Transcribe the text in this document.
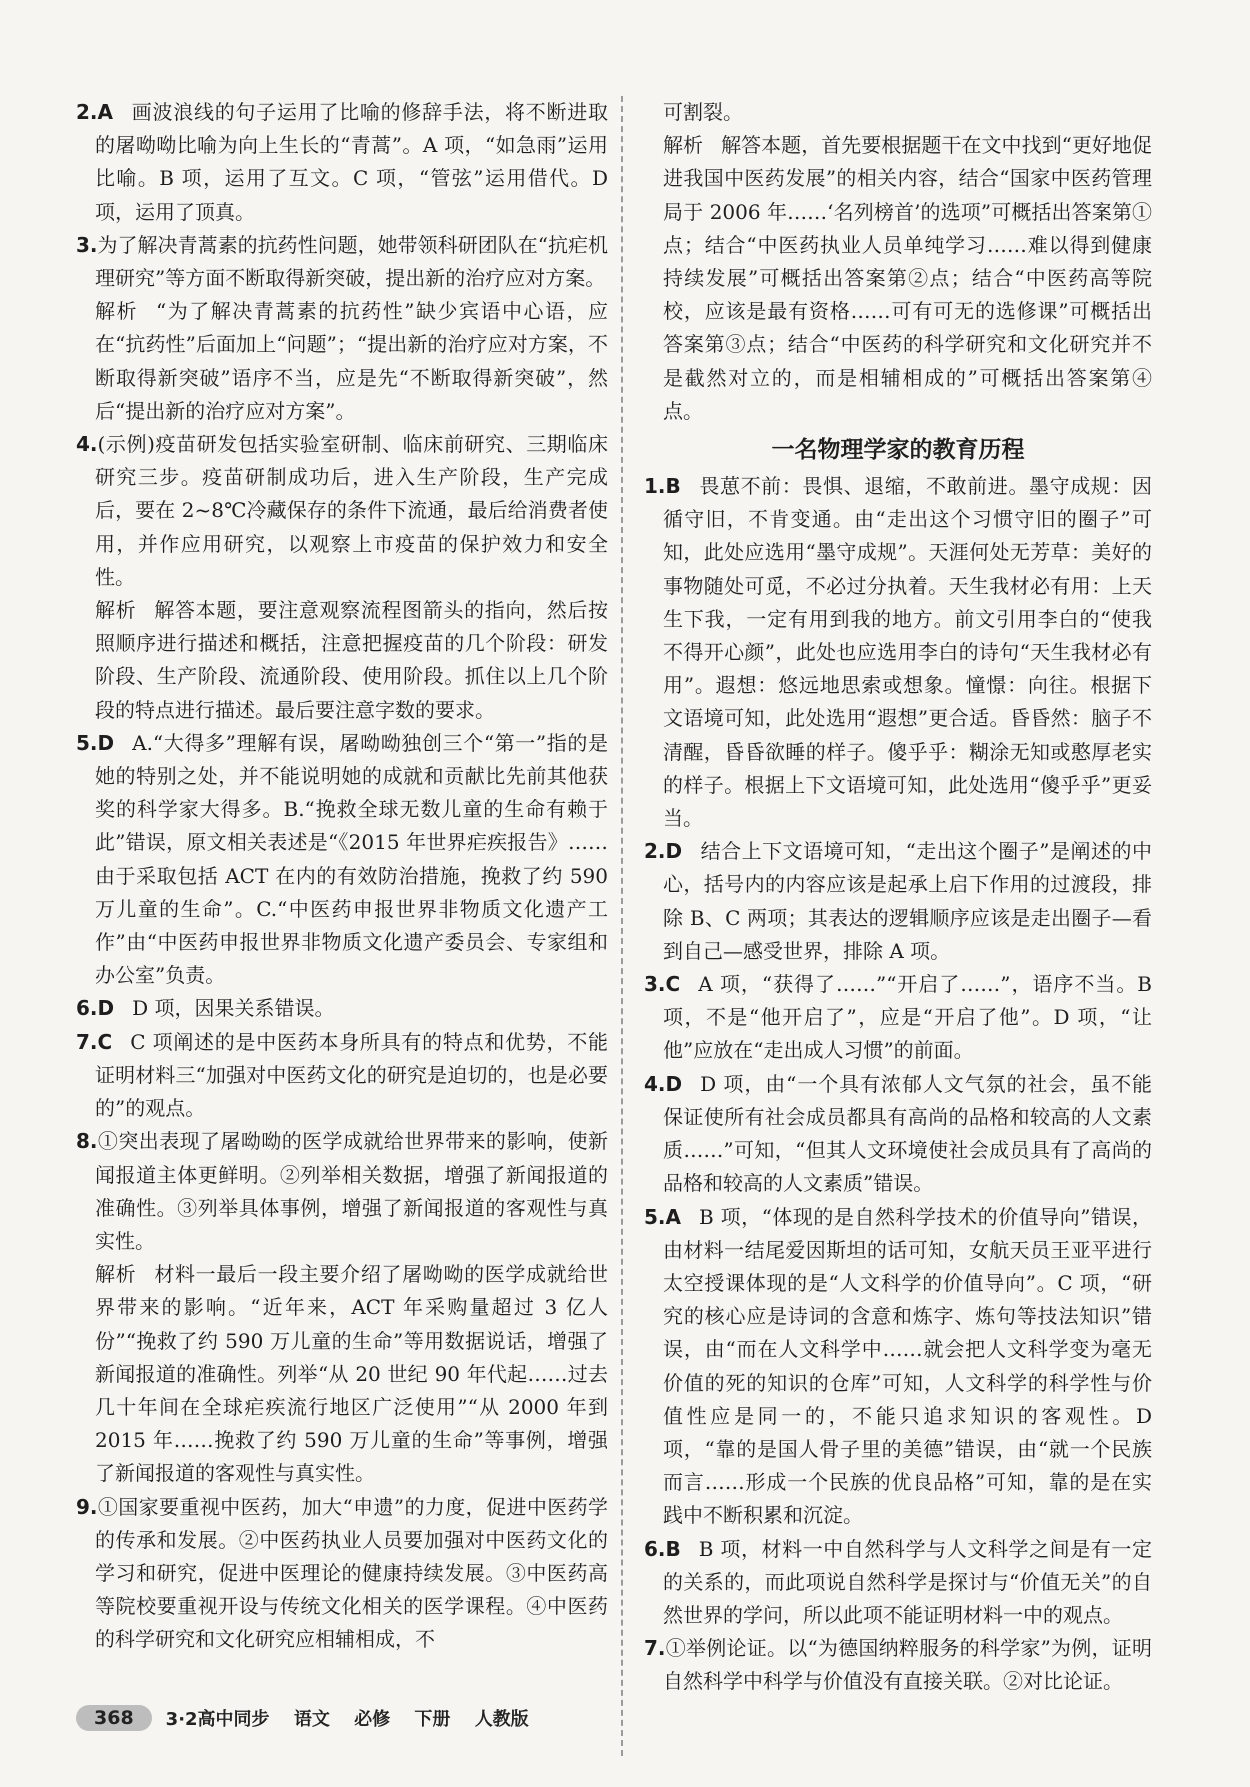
2.A 画波浪线的句子运用了比喻的修辞手法，将不断进取的屠呦呦比喻为向上生长的“青蒿”。A 项，“如急雨”运用比喻。B 项，运用了互文。C 项，“管弦”运用借代。D 项，运用了顶真。

3.为了解决青蒿素的抗药性问题，她带领科研团队在“抗疟机理研究”等方面不断取得新突破，提出新的治疗应对方案。

解析 “为了解决青蒿素的抗药性”缺少宾语中心语，应在“抗药性”后面加上“问题”；“提出新的治疗应对方案，不断取得新突破”语序不当，应是先“不断取得新突破”，然后“提出新的治疗应对方案”。

4.(示例)疫苗研发包括实验室研制、临床前研究、三期临床研究三步。疫苗研制成功后，进入生产阶段，生产完成后，要在 2~8℃冷藏保存的条件下流通，最后给消费者使用，并作应用研究，以观察上市疫苗的保护效力和安全性。

解析 解答本题，要注意观察流程图箭头的指向，然后按照顺序进行描述和概括，注意把握疫苗的几个阶段：研发阶段、生产阶段、流通阶段、使用阶段。抓住以上几个阶段的特点进行描述。最后要注意字数的要求。

5.D A.“大得多”理解有误，屠呦呦独创三个“第一”指的是她的特别之处，并不能说明她的成就和贡献比先前其他获奖的科学家大得多。B.“挽救全球无数儿童的生命有赖于此”错误，原文相关表述是“《2015 年世界疟疾报告》……由于采取包括 ACT 在内的有效防治措施，挽救了约 590 万儿童的生命”。C.“中医药申报世界非物质文化遗产工作”由“中医药申报世界非物质文化遗产委员会、专家组和办公室”负责。

6.D D 项，因果关系错误。

7.C C 项阐述的是中医药本身所具有的特点和优势，不能证明材料三“加强对中医药文化的研究是迫切的，也是必要的”的观点。

8.①突出表现了屠呦呦的医学成就给世界带来的影响，使新闻报道主体更鲜明。②列举相关数据，增强了新闻报道的准确性。③列举具体事例，增强了新闻报道的客观性与真实性。

解析 材料一最后一段主要介绍了屠呦呦的医学成就给世界带来的影响。“近年来，ACT 年采购量超过 3 亿人份”“挽救了约 590 万儿童的生命”等用数据说话，增强了新闻报道的准确性。列举“从 20 世纪 90 年代起……过去几十年间在全球疟疾流行地区广泛使用”“从 2000 年到 2015 年……挽救了约 590 万儿童的生命”等事例，增强了新闻报道的客观性与真实性。

9.①国家要重视中医药，加大“申遗”的力度，促进中医药学的传承和发展。②中医药执业人员要加强对中医药文化的学习和研究，促进中医理论的健康持续发展。③中医药高等院校要重视开设与传统文化相关的医学课程。④中医药的科学研究和文化研究应相辅相成，不

可割裂。

解析 解答本题，首先要根据题干在文中找到“更好地促进我国中医药发展”的相关内容，结合“国家中医药管理局于 2006 年……‘名列榜首’的选项”可概括出答案第①点；结合“中医药执业人员单纯学习……难以得到健康持续发展”可概括出答案第②点；结合“中医药高等院校，应该是最有资格……可有可无的选修课”可概括出答案第③点；结合“中医药的科学研究和文化研究并不是截然对立的，而是相辅相成的”可概括出答案第④点。

一名物理学家的教育历程

1.B 畏葸不前：畏惧、退缩，不敢前进。墨守成规：因循守旧，不肯变通。由“走出这个习惯守旧的圈子”可知，此处应选用“墨守成规”。天涯何处无芳草：美好的事物随处可觅，不必过分执着。天生我材必有用：上天生下我，一定有用到我的地方。前文引用李白的“使我不得开心颜”，此处也应选用李白的诗句“天生我材必有用”。遐想：悠远地思索或想象。憧憬：向往。根据下文语境可知，此处选用“遐想”更合适。昏昏然：脑子不清醒，昏昏欲睡的样子。傻乎乎：糊涂无知或憨厚老实的样子。根据上下文语境可知，此处选用“傻乎乎”更妥当。

2.D 结合上下文语境可知，“走出这个圈子”是阐述的中心，括号内的内容应该是起承上启下作用的过渡段，排除 B、C 两项；其表达的逻辑顺序应该是走出圈子—看到自己—感受世界，排除 A 项。

3.C A 项，“获得了……”“开启了……”，语序不当。B 项，不是“他开启了”，应是“开启了他”。D 项，“让他”应放在“走出成人习惯”的前面。

4.D D 项，由“一个具有浓郁人文气氛的社会，虽不能保证使所有社会成员都具有高尚的品格和较高的人文素质……”可知，“但其人文环境使社会成员具有了高尚的品格和较高的人文素质”错误。

5.A B 项，“体现的是自然科学技术的价值导向”错误，由材料一结尾爱因斯坦的话可知，女航天员王亚平进行太空授课体现的是“人文科学的价值导向”。C 项，“研究的核心应是诗词的含意和炼字、炼句等技法知识”错误，由“而在人文科学中……就会把人文科学变为毫无价值的死的知识的仓库”可知，人文科学的科学性与价值性应是同一的，不能只追求知识的客观性。D 项，“靠的是国人骨子里的美德”错误，由“就一个民族而言……形成一个民族的优良品格”可知，靠的是在实践中不断积累和沉淀。

6.B B 项，材料一中自然科学与人文科学之间是有一定的关系的，而此项说自然科学是探讨与“价值无关”的自然世界的学问，所以此项不能证明材料一中的观点。

7.①举例论证。以“为德国纳粹服务的科学家”为例，证明自然科学中科学与价值没有直接关联。②对比论证。

368	3·2高中同步 语文 必修 下册 人教版
